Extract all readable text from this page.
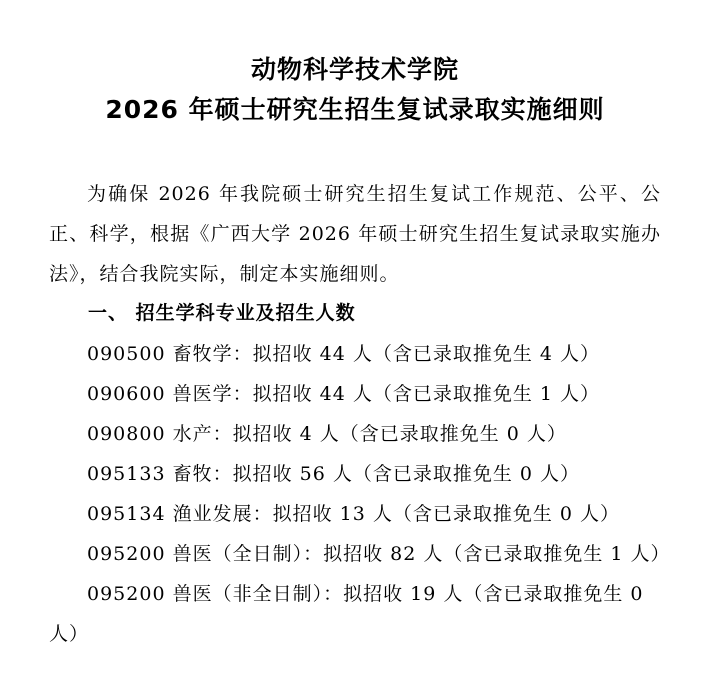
动物科学技术学院
2026 年硕士研究生招生复试录取实施细则

为确保 2026 年我院硕士研究生招生复试工作规范、公平、公正、科学，根据《广西大学 2026 年硕士研究生招生复试录取实施办法》，结合我院实际，制定本实施细则。

一、 招生学科专业及招生人数
090500 畜牧学：拟招收 44 人（含已录取推免生 4 人）
090600 兽医学：拟招收 44 人（含已录取推免生 1 人）
090800 水产：拟招收 4 人（含已录取推免生 0 人）
095133 畜牧：拟招收 56 人（含已录取推免生 0 人）
095134 渔业发展：拟招收 13 人（含已录取推免生 0 人）
095200 兽医（全日制）：拟招收 82 人（含已录取推免生 1 人）
095200 兽医（非全日制）：拟招收 19 人（含已录取推免生 0 人）
